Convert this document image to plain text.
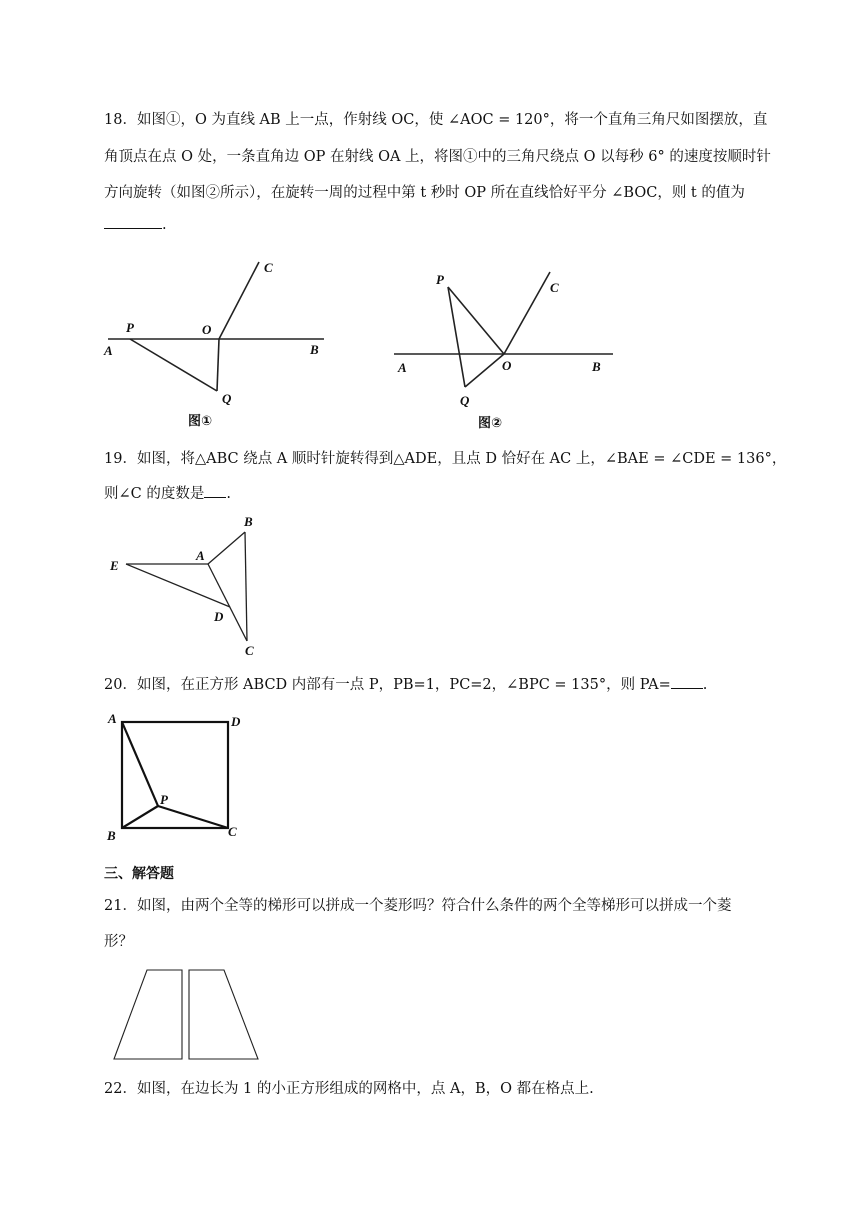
18．如图①，O 为直线 AB 上一点，作射线 OC，使 ∠AOC = 120°，将一个直角三角尺如图摆放，直
角顶点在点 O 处，一条直角边 OP 在射线 OA 上，将图①中的三角尺绕点 O 以每秒 6° 的速度按顺时针
方向旋转（如图②所示），在旋转一周的过程中第 t 秒时 OP 所在直线恰好平分 ∠BOC，则 t 的值为
.
A	B
C
O
P
Q
图①
A	B
C
O
P
Q
图②
19．如图，将△ABC 绕点 A 顺时针旋转得到△ADE，且点 D 恰好在 AC 上，∠BAE = ∠CDE = 136°，
则∠C 的度数是 .
A
B
C
D
E
20．如图，在正方形 ABCD 内部有一点 P，PB=1，PC=2，∠BPC = 135°，则 PA= .
A
B	C
D
P
三、解答题
21．如图，由两个全等的梯形可以拼成一个菱形吗？符合什么条件的两个全等梯形可以拼成一个菱
形？
22．如图，在边长为 1 的小正方形组成的网格中，点 A，B，O 都在格点上.
